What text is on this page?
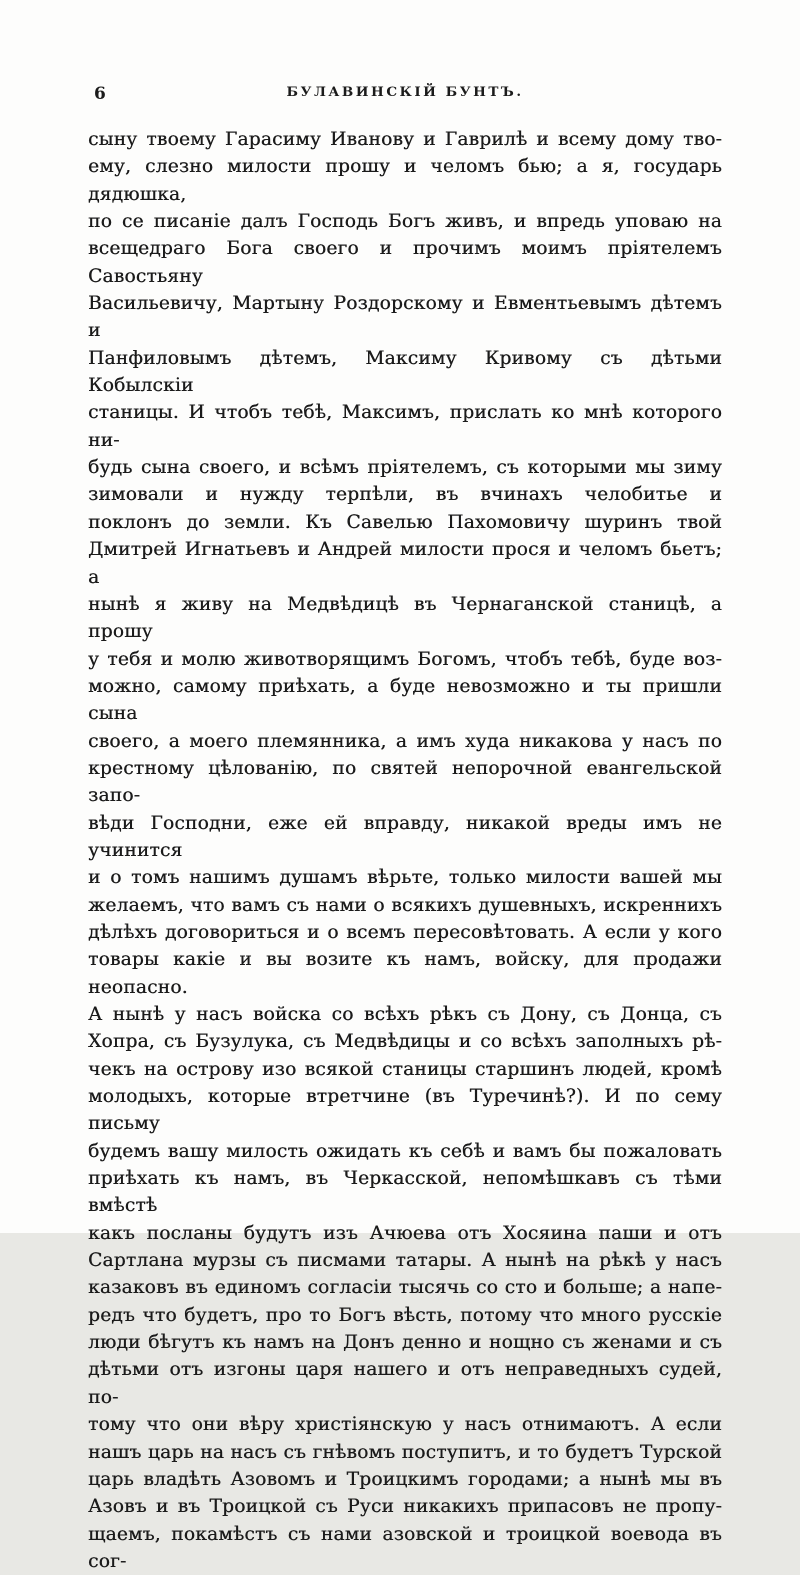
6	БУЛАВИНСКІЙ БУНТЪ.
сыну твоему Гарасиму Иванову и Гаврилѣ и всему дому тво-
ему, слезно милости прошу и челомъ бью; а я, государь дядюшка,
по се писаніе далъ Господь Богъ живъ, и впредь уповаю на
всещедраго Бога своего и прочимъ моимъ пріятелемъ Савостьяну
Васильевичу, Мартыну Роздорскому и Евментьевымъ дѣтемъ и
Панфиловымъ дѣтемъ, Максиму Кривому съ дѣтьми Кобылскіи
станицы. И чтобъ тебѣ, Максимъ, прислать ко мнѣ которого ни-
будь сына своего, и всѣмъ пріятелемъ, съ которыми мы зиму
зимовали и нужду терпѣли, въ вчинахъ челобитье и
поклонъ до земли. Къ Савелью Пахомовичу шуринъ твой
Дмитрей Игнатьевъ и Андрей милости прося и челомъ бьетъ; а
нынѣ я живу на Медвѣдицѣ въ Чернаганской станицѣ, а прошу
у тебя и молю животворящимъ Богомъ, чтобъ тебѣ, буде воз-
можно, самому приѣхать, а буде невозможно и ты пришли сына
своего, а моего племянника, а имъ худа никакова у насъ по
крестному цѣлованію, по святей непорочной евангельской запо-
вѣди Господни, еже ей вправду, никакой вреды имъ не учинится
и о томъ нашимъ душамъ вѣрьте, только милости вашей мы
желаемъ, что вамъ съ нами о всякихъ душевныхъ, искреннихъ
дѣлѣхъ договориться и о всемъ пересовѣтовать. А если у кого
товары какіе и вы возите къ намъ, войску, для продажи неопасно.
А нынѣ у насъ войска со всѣхъ рѣкъ съ Дону, съ Донца, съ
Хопра, съ Бузулука, съ Медвѣдицы и со всѣхъ заполныхъ рѣ-
чекъ на острову изо всякой станицы старшинъ людей, кромѣ
молодыхъ, которые втретчине (въ Туречинѣ?). И по сему письму
будемъ вашу милость ожидать къ себѣ и вамъ бы пожаловать
приѣхать къ намъ, въ Черкасской, непомѣшкавъ съ тѣми вмѣстѣ
какъ посланы будутъ изъ Ачюева отъ Хосяина паши и отъ
Сартлана мурзы съ писмами татары. А нынѣ на рѣкѣ у насъ
казаковъ въ единомъ согласіи тысячь со сто и больше; а напе-
редъ что будетъ, про то Богъ вѣсть, потому что много русскіе
люди бѣгутъ къ намъ на Донъ денно и нощно съ женами и съ
дѣтьми отъ изгоны царя нашего и отъ неправедныхъ судей, по-
тому что они вѣру христіянскую у насъ отнимаютъ. А если
нашъ царь на насъ съ гнѣвомъ поступитъ, и то будетъ Турской
царь владѣть Азовомъ и Троицкимъ городами; а нынѣ мы въ
Азовъ и въ Троицкой съ Руси никакихъ припасовъ не пропу-
щаемъ, покамѣстъ съ нами азовской и троицкой воевода въ сог-
